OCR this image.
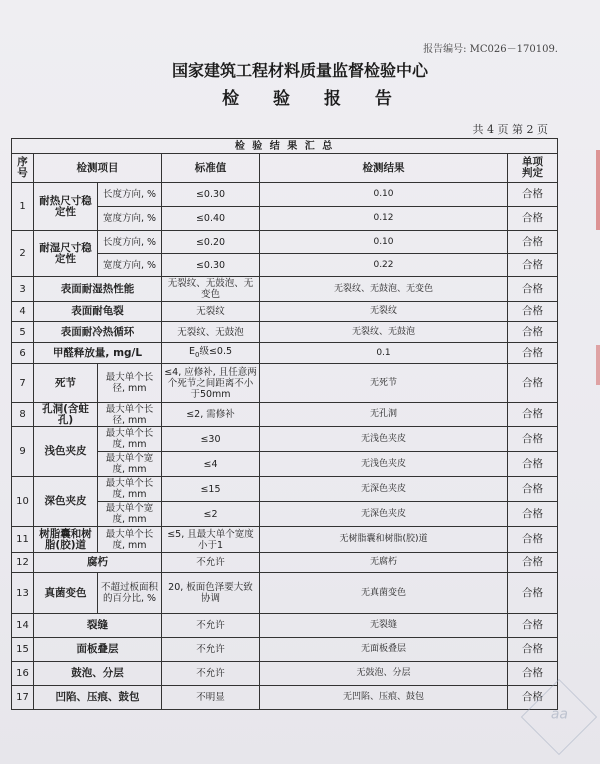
报告编号: MC026－170109.
国家建筑工程材料质量监督检验中心
检 验 报 告
共 4 页 第 2 页
检 验 结 果 汇 总					
序
号	检测项目		标准值	检测结果	单项
判定
1	耐热尺寸稳定性	长度方向, %	≤0.30	0.10	合格
		宽度方向, %	≤0.40	0.12	合格
2	耐湿尺寸稳定性	长度方向, %	≤0.20	0.10	合格
		宽度方向, %	≤0.30	0.22	合格
3	表面耐湿热性能		无裂纹、无鼓泡、无变色	无裂纹、无鼓泡、无变色	合格
4	表面耐龟裂		无裂纹	无裂纹	合格
5	表面耐冷热循环		无裂纹、无鼓泡	无裂纹、无鼓泡	合格
6	甲醛释放量, mg/L		$E_0$级≤0.5	0.1	合格
7	死节	最大单个长径, mm	≤4, 应修补, 且任意两个死节之间距离不小于50mm	无死节	合格
8	孔洞(含蛀孔)	最大单个长径, mm	≤2, 需修补	无孔洞	合格
9	浅色夹皮	最大单个长度, mm	≤30	无浅色夹皮	合格
		最大单个宽度, mm	≤4	无浅色夹皮	合格
10	深色夹皮	最大单个长度, mm	≤15	无深色夹皮	合格
		最大单个宽度, mm	≤2	无深色夹皮	合格
11	树脂囊和树脂(胶)道	最大单个长度, mm	≤5, 且最大单个宽度小于1	无树脂囊和树脂(胶)道	合格
12	腐朽		不允许	无腐朽	合格
13	真菌变色	不超过板面积的百分比, %	20, 板面色泽要大致协调	无真菌变色	合格
14	裂缝		不允许	无裂缝	合格
15	面板叠层		不允许	无面板叠层	合格
16	鼓泡、分层		不允许	无鼓泡、分层	合格
17	凹陷、压痕、鼓包		不明显	无凹陷、压痕、鼓包	合格
aa
